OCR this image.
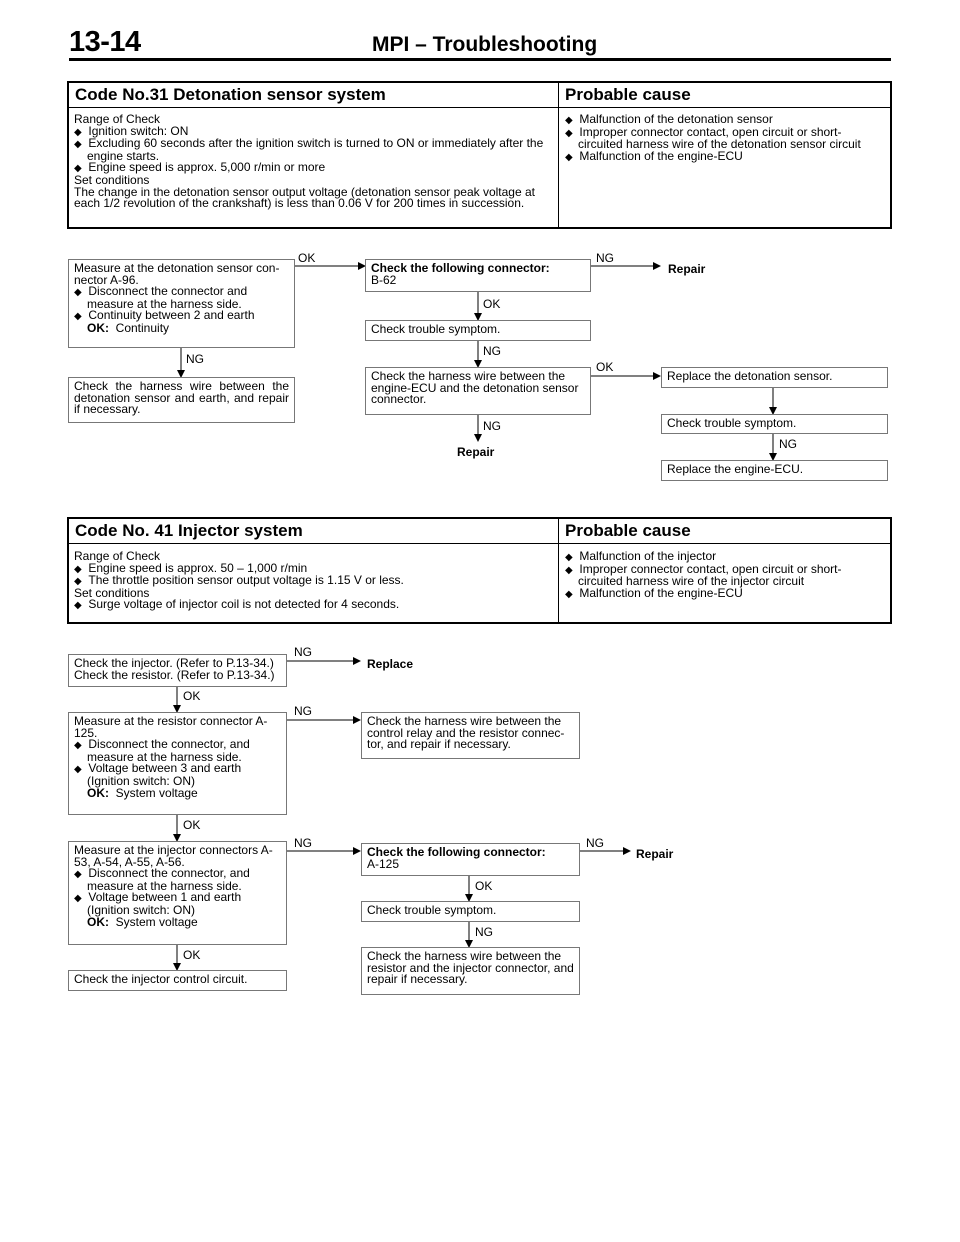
13-14	MPI – Troubleshooting
Code No.31 Detonation sensor system	Probable cause
Range of Check
◆ Ignition switch: ON
◆ Excluding 60 seconds after the ignition switch is turned to ON or immediately after the engine starts.
◆ Engine speed is approx. 5,000 r/min or more
Set conditions
The change in the detonation sensor output voltage (detonation sensor peak voltage at each 1/2 revolution of the crankshaft) is less than 0.06 V for 200 times in succession.
◆ Malfunction of the detonation sensor
◆ Improper connector contact, open circuit or short-circuited harness wire of the detonation sensor circuit
◆ Malfunction of the engine-ECU
Measure at the detonation sensor con-nector A-96.
◆ Disconnect the connector and measure at the harness side.
◆ Continuity between 2 and earth
OK: Continuity
Check the following connector:
B-62
Check trouble symptom.
Check the harness wire between the detonation sensor and earth, and repair if necessary.
Check the harness wire between the engine-ECU and the detonation sensor connector.
Replace the detonation sensor.
Check trouble symptom.
Replace the engine-ECU.
OK	NG
Repair
OK
NG
NG
OK
NG
Repair
NG
Code No. 41 Injector system	Probable cause
Range of Check
◆ Engine speed is approx. 50 – 1,000 r/min
◆ The throttle position sensor output voltage is 1.15 V or less.
Set conditions
◆ Surge voltage of injector coil is not detected for 4 seconds.
◆ Malfunction of the injector
◆ Improper connector contact, open circuit or short-circuited harness wire of the injector circuit
◆ Malfunction of the engine-ECU
Check the injector. (Refer to P.13-34.)
Check the resistor. (Refer to P.13-34.)
Measure at the resistor connector A-125.
◆ Disconnect the connector, and measure at the harness side.
◆ Voltage between 3 and earth
(Ignition switch: ON)
OK: System voltage
Check the harness wire between the control relay and the resistor connec-tor, and repair if necessary.
Measure at the injector connectors A-53, A-54, A-55, A-56.
◆ Disconnect the connector, and measure at the harness side.
◆ Voltage between 1 and earth
(Ignition switch: ON)
OK: System voltage
Check the following connector:
A-125
Check trouble symptom.
Check the injector control circuit.
Check the harness wire between the resistor and the injector connector, and repair if necessary.
NG
Replace
OK
NG
OK
NG	NG
Repair
OK
NG
OK
